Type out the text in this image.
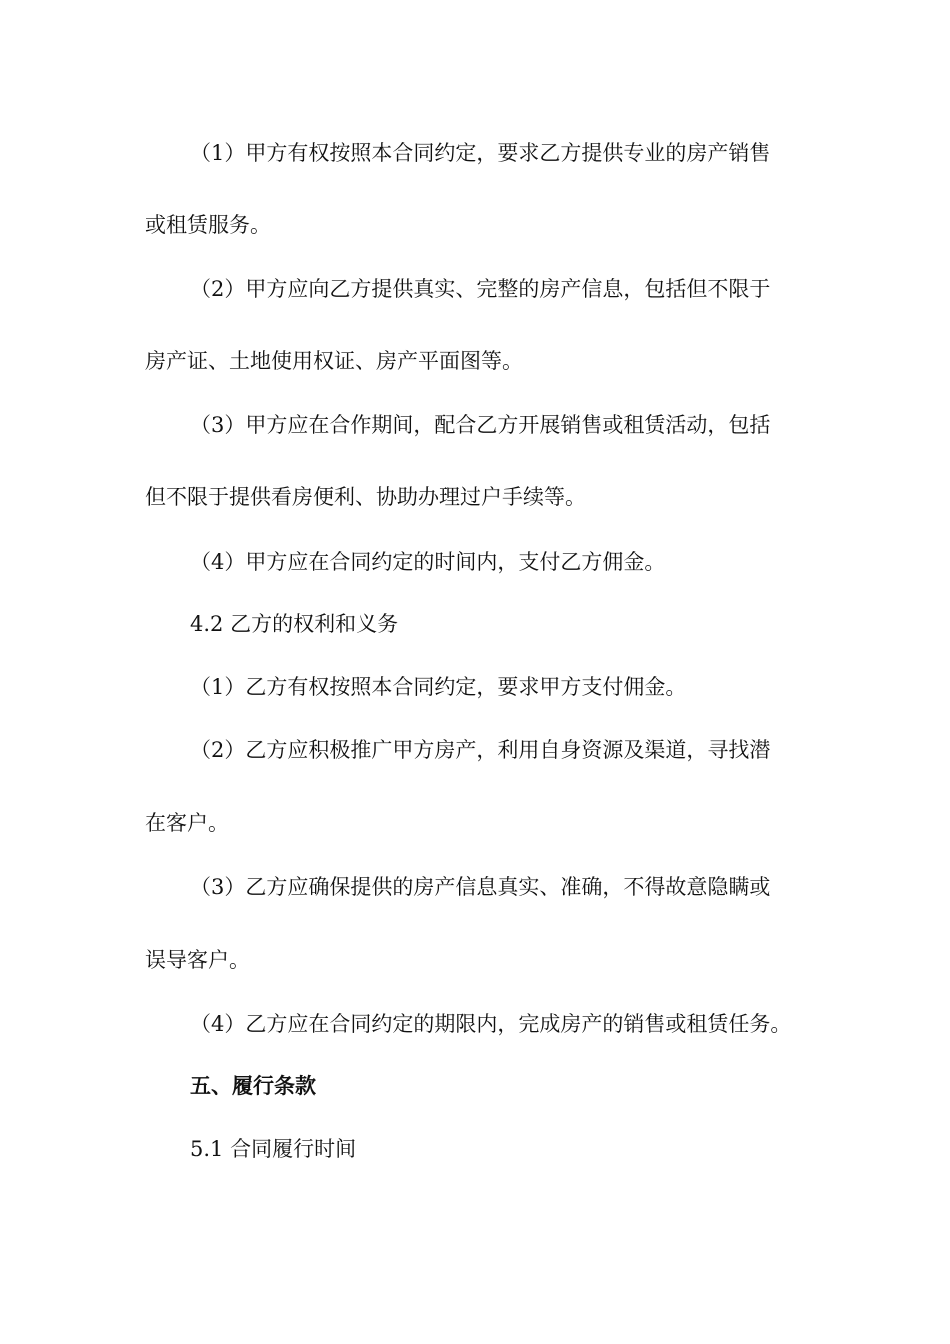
（1）甲方有权按照本合同约定，要求乙方提供专业的房产销售
或租赁服务。
（2）甲方应向乙方提供真实、完整的房产信息，包括但不限于
房产证、土地使用权证、房产平面图等。
（3）甲方应在合作期间，配合乙方开展销售或租赁活动，包括
但不限于提供看房便利、协助办理过户手续等。
（4）甲方应在合同约定的时间内，支付乙方佣金。
4.2 乙方的权利和义务
（1）乙方有权按照本合同约定，要求甲方支付佣金。
（2）乙方应积极推广甲方房产，利用自身资源及渠道，寻找潜
在客户。
（3）乙方应确保提供的房产信息真实、准确，不得故意隐瞒或
误导客户。
（4）乙方应在合同约定的期限内，完成房产的销售或租赁任务。
五、履行条款
5.1 合同履行时间
